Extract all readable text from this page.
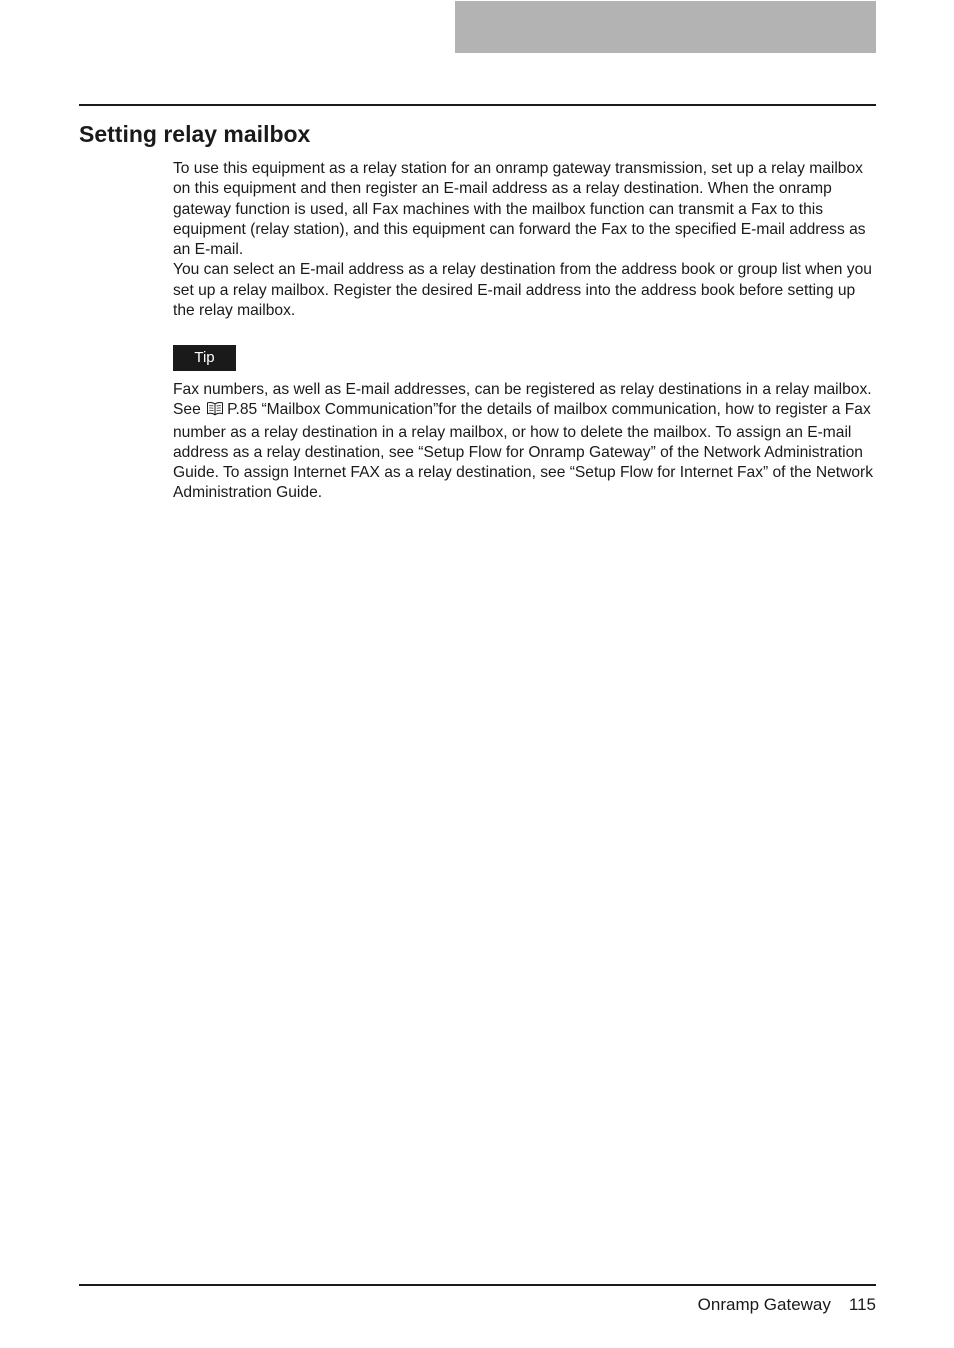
Setting relay mailbox

To use this equipment as a relay station for an onramp gateway transmission, set up a relay mailbox on this equipment and then register an E-mail address as a relay destination. When the onramp gateway function is used, all Fax machines with the mailbox function can transmit a Fax to this equipment (relay station), and this equipment can forward the Fax to the specified E-mail address as an E-mail.

You can select an E-mail address as a relay destination from the address book or group list when you set up a relay mailbox. Register the desired E-mail address into the address book before setting up the relay mailbox.

Tip

Fax numbers, as well as E-mail addresses, can be registered as relay destinations in a relay mailbox.

See P.85 “Mailbox Communication”for the details of mailbox communication, how to register a Fax number as a relay destination in a relay mailbox, or how to delete the mailbox. To assign an E-mail address as a relay destination, see “Setup Flow for Onramp Gateway” of the Network Administration Guide. To assign Internet FAX as a relay destination, see “Setup Flow for Internet Fax” of the Network Administration Guide.

Onramp Gateway 115
